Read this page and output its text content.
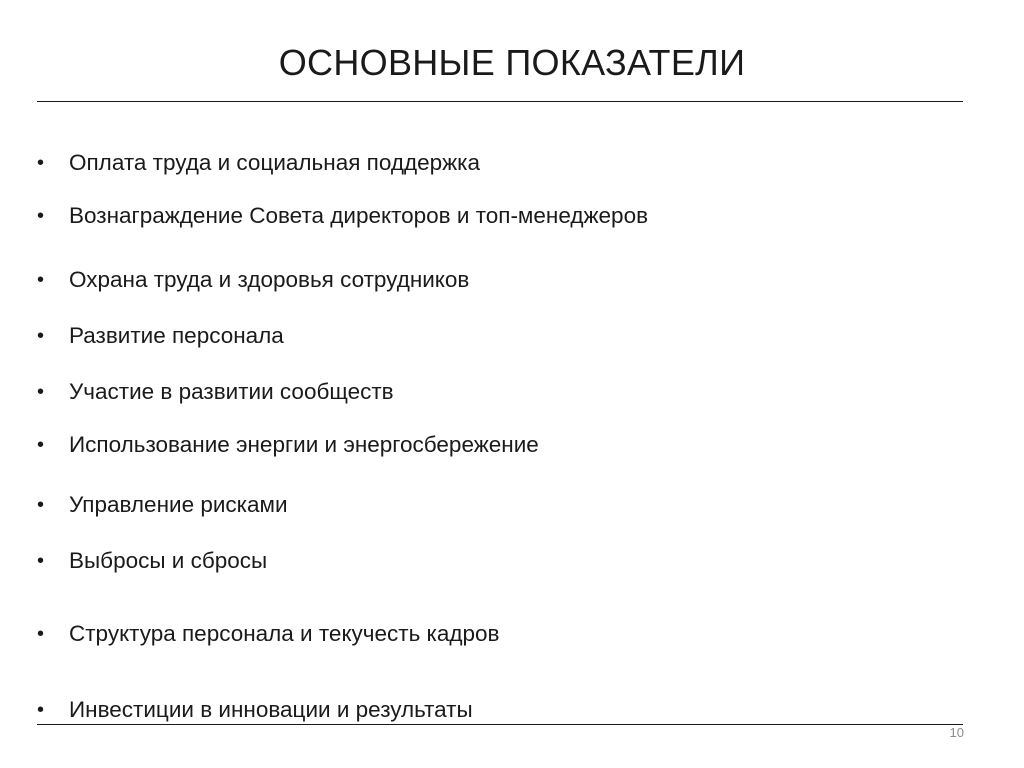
ОСНОВНЫЕ ПОКАЗАТЕЛИ
•	Оплата труда и социальная поддержка
•	Вознаграждение Совета директоров и топ-менеджеров
•	Охрана труда и здоровья сотрудников
•	Развитие персонала
•	Участие в развитии сообществ
•	Использование энергии и энергосбережение
•	Управление рисками
•	Выбросы и сбросы
•	Структура персонала и текучесть кадров
•	Инвестиции в инновации и результаты
10
